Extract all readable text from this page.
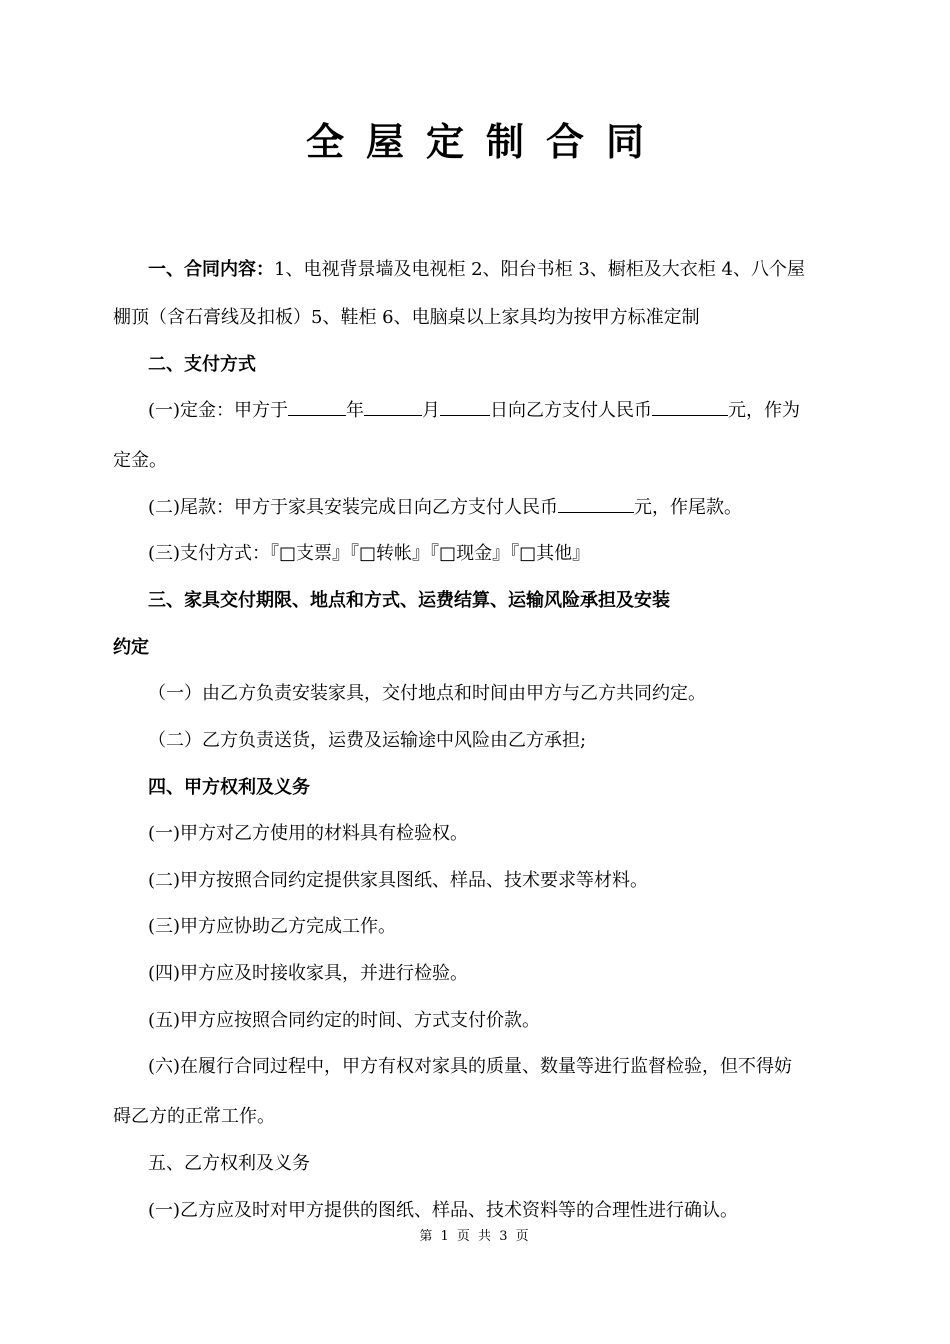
全屋定制合同
一、合同内容：1、电视背景墙及电视柜 2、阳台书柜 3、橱柜及大衣柜 4、八个屋
棚顶（含石膏线及扣板）5、鞋柜 6、电脑桌以上家具均为按甲方标准定制
二、支付方式
(一)定金：甲方于	年	月	日向乙方支付人民币	元，作为
定金。
(二)尾款：甲方于家具安装完成日向乙方支付人民币	元，作尾款。
(三)支付方式：『□支票』『□转帐』『□现金』『□其他』
三、家具交付期限、地点和方式、运费结算、运输风险承担及安装
约定
（一）由乙方负责安装家具，交付地点和时间由甲方与乙方共同约定。
（二）乙方负责送货，运费及运输途中风险由乙方承担;
四、甲方权利及义务
(一)甲方对乙方使用的材料具有检验权。
(二)甲方按照合同约定提供家具图纸、样品、技术要求等材料。
(三)甲方应协助乙方完成工作。
(四)甲方应及时接收家具，并进行检验。
(五)甲方应按照合同约定的时间、方式支付价款。
(六)在履行合同过程中，甲方有权对家具的质量、数量等进行监督检验，但不得妨
碍乙方的正常工作。
五、乙方权利及义务
(一)乙方应及时对甲方提供的图纸、样品、技术资料等的合理性进行确认。
第 1 页 共 3 页
